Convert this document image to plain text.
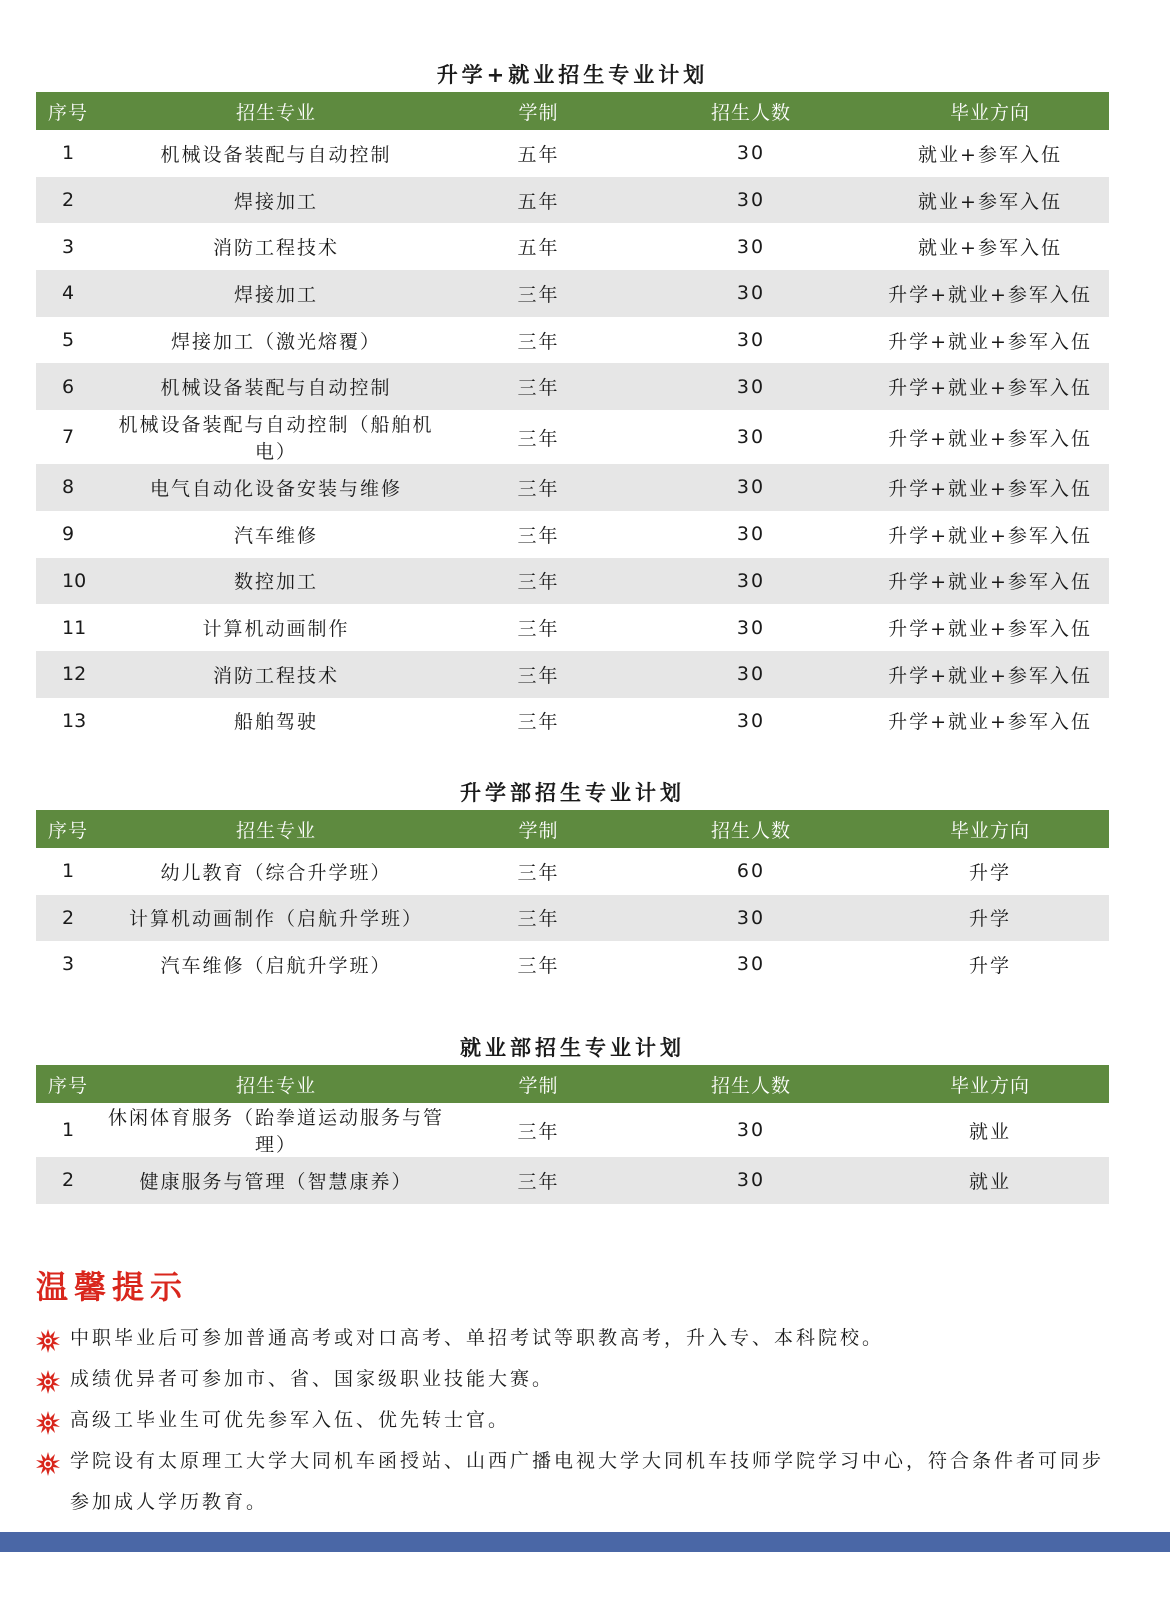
升学+就业招生专业计划
序号	招生专业	学制	招生人数	毕业方向
1	机械设备装配与自动控制	五年	30	就业+参军入伍
2	焊接加工	五年	30	就业+参军入伍
3	消防工程技术	五年	30	就业+参军入伍
4	焊接加工	三年	30	升学+就业+参军入伍
5	焊接加工（激光熔覆）	三年	30	升学+就业+参军入伍
6	机械设备装配与自动控制	三年	30	升学+就业+参军入伍
7	机械设备装配与自动控制（船舶机电）	三年	30	升学+就业+参军入伍
8	电气自动化设备安装与维修	三年	30	升学+就业+参军入伍
9	汽车维修	三年	30	升学+就业+参军入伍
10	数控加工	三年	30	升学+就业+参军入伍
11	计算机动画制作	三年	30	升学+就业+参军入伍
12	消防工程技术	三年	30	升学+就业+参军入伍
13	船舶驾驶	三年	30	升学+就业+参军入伍
升学部招生专业计划
序号	招生专业	学制	招生人数	毕业方向
1	幼儿教育（综合升学班）	三年	60	升学
2	计算机动画制作（启航升学班）	三年	30	升学
3	汽车维修（启航升学班）	三年	30	升学
就业部招生专业计划
序号	招生专业	学制	招生人数	毕业方向
1	休闲体育服务（跆拳道运动服务与管理）	三年	30	就业
2	健康服务与管理（智慧康养）	三年	30	就业
温馨提示
中职毕业后可参加普通高考或对口高考、单招考试等职教高考，升入专、本科院校。
成绩优异者可参加市、省、国家级职业技能大赛。
高级工毕业生可优先参军入伍、优先转士官。
学院设有太原理工大学大同机车函授站、山西广播电视大学大同机车技师学院学习中心，符合条件者可同步参加成人学历教育。
